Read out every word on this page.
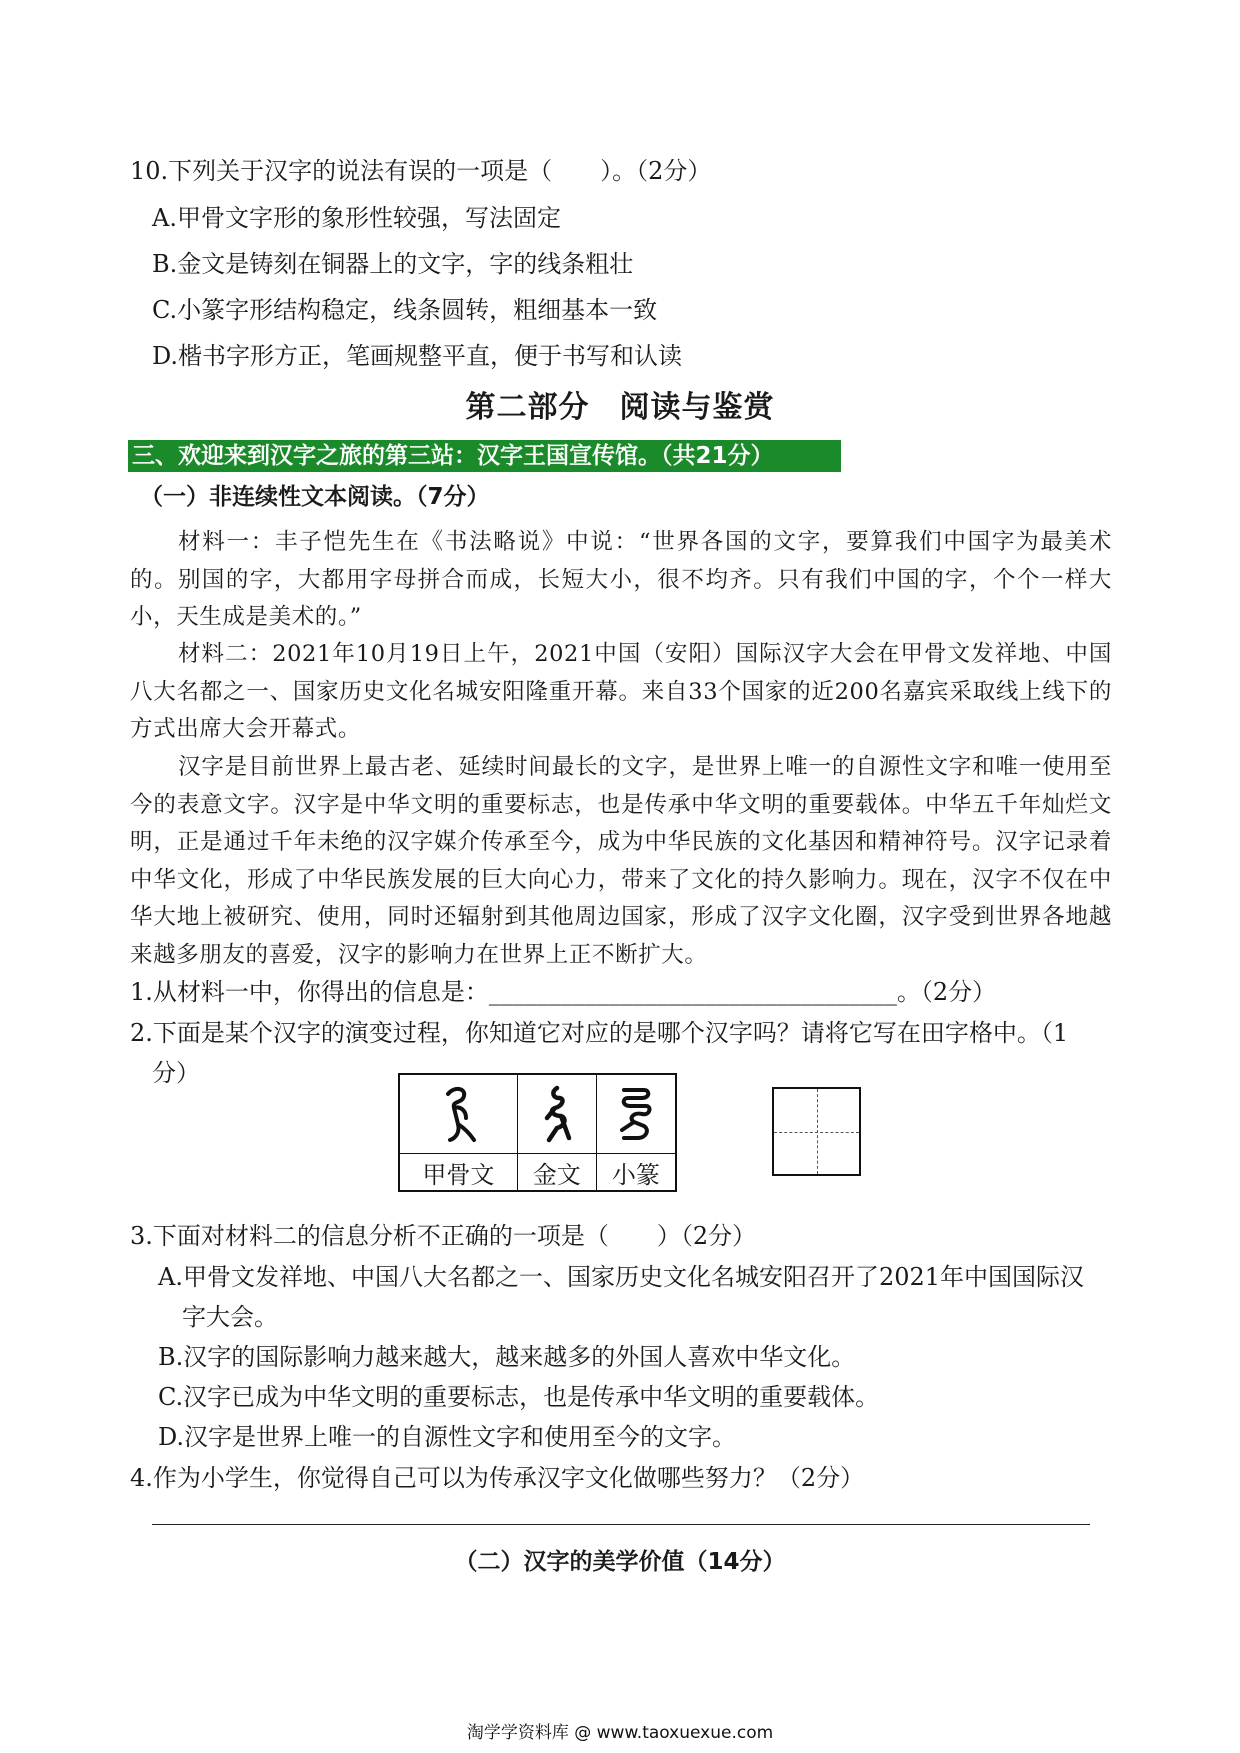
10.下列关于汉字的说法有误的一项是（　　）。（2分）
A.甲骨文字形的象形性较强，写法固定
B.金文是铸刻在铜器上的文字，字的线条粗壮
C.小篆字形结构稳定，线条圆转，粗细基本一致
D.楷书字形方正，笔画规整平直，便于书写和认读
第二部分 阅读与鉴赏
三、欢迎来到汉字之旅的第三站：汉字王国宣传馆。（共21分）
（一）非连续性文本阅读。（7分）
材料一：丰子恺先生在《书法略说》中说：“世界各国的文字，要算我们中国字为最美术的。别国的字，大都用字母拼合而成，长短大小，很不均齐。只有我们中国的字，个个一样大小，天生成是美术的。”
材料二：2021年10月19日上午，2021中国（安阳）国际汉字大会在甲骨文发祥地、中国八大名都之一、国家历史文化名城安阳隆重开幕。来自33个国家的近200名嘉宾采取线上线下的方式出席大会开幕式。
汉字是目前世界上最古老、延续时间最长的文字，是世界上唯一的自源性文字和唯一使用至今的表意文字。汉字是中华文明的重要标志，也是传承中华文明的重要载体。中华五千年灿烂文明，正是通过千年未绝的汉字媒介传承至今，成为中华民族的文化基因和精神符号。汉字记录着中华文化，形成了中华民族发展的巨大向心力，带来了文化的持久影响力。现在，汉字不仅在中华大地上被研究、使用，同时还辐射到其他周边国家，形成了汉字文化圈，汉字受到世界各地越来越多朋友的喜爱，汉字的影响力在世界上正不断扩大。
1.从材料一中，你得出的信息是：__________________________________。（2分）
2.下面是某个汉字的演变过程，你知道它对应的是哪个汉字吗？请将它写在田字格中。（1
分）

甲骨文	金文	小篆
3.下面对材料二的信息分析不正确的一项是（　　）（2分）
A.甲骨文发祥地、中国八大名都之一、国家历史文化名城安阳召开了2021年中国国际汉
字大会。
B.汉字的国际影响力越来越大，越来越多的外国人喜欢中华文化。
C.汉字已成为中华文明的重要标志，也是传承中华文明的重要载体。
D.汉字是世界上唯一的自源性文字和使用至今的文字。
4.作为小学生，你觉得自己可以为传承汉字文化做哪些努力？（2分）
（二）汉字的美学价值（14分）
淘学学资料库 @ www.taoxuexue.com
